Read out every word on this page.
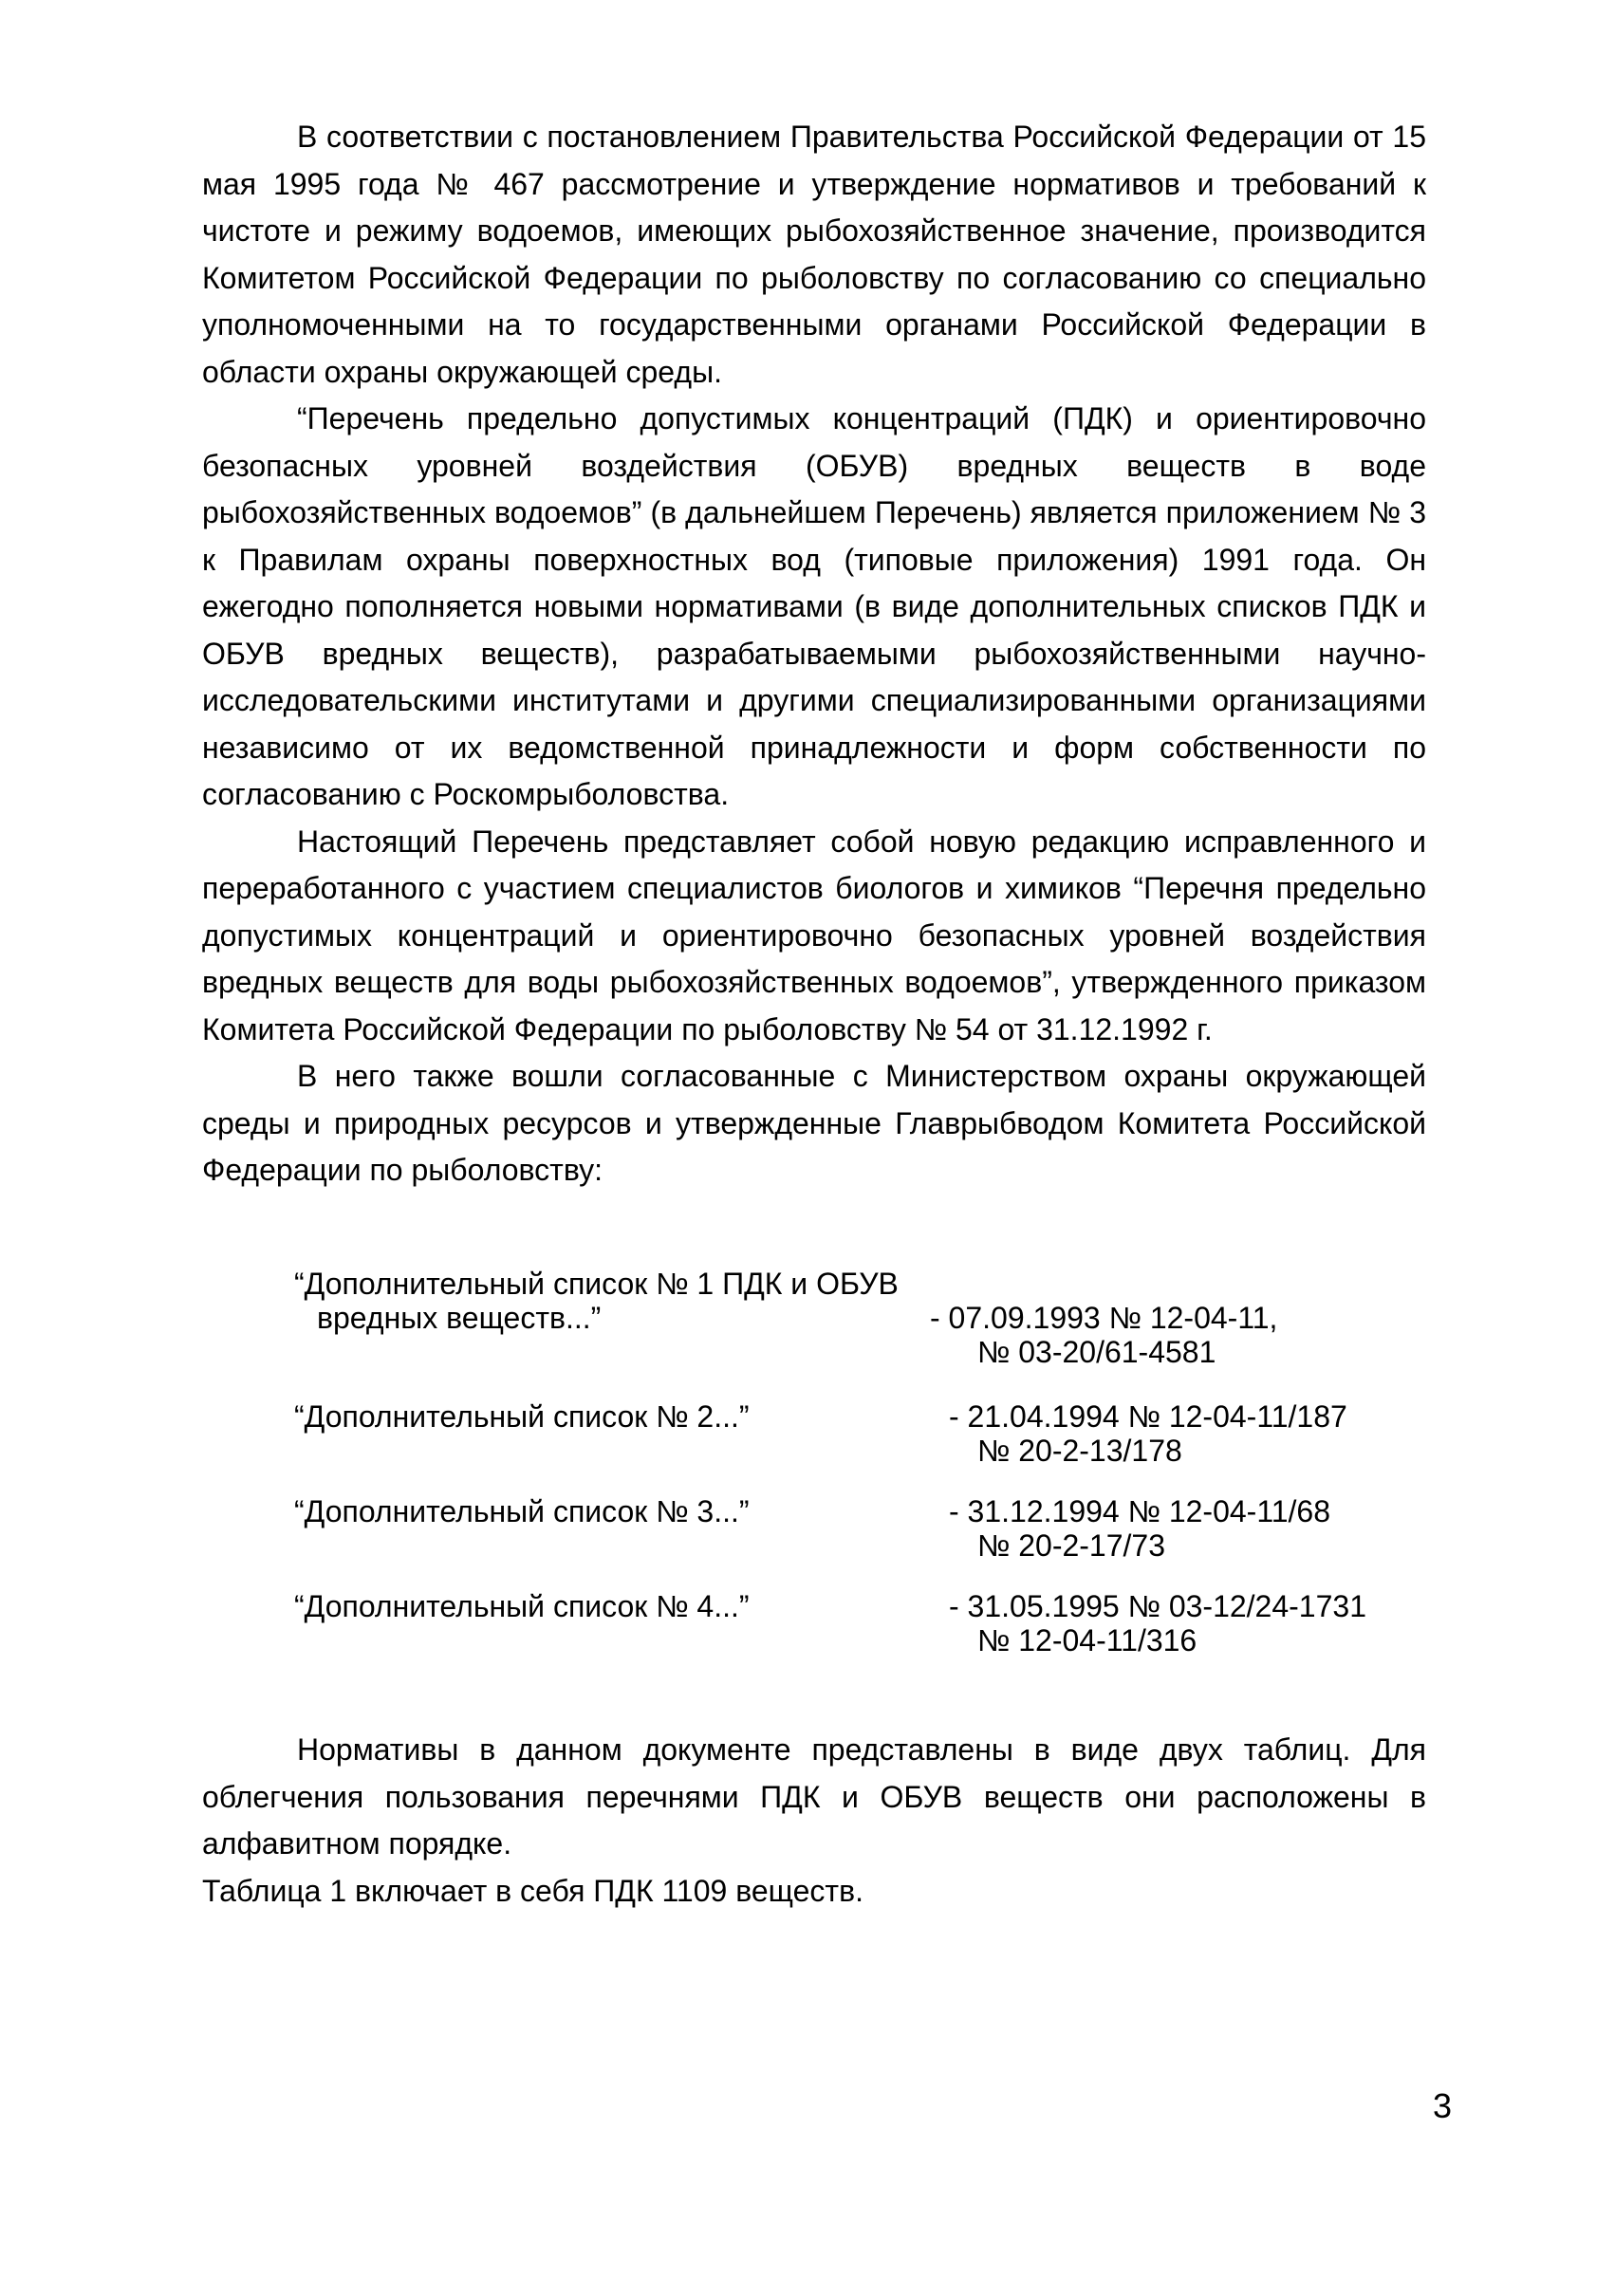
В соответствии с постановлением Правительства Российской Федерации от 15 мая 1995 года № 467 рассмотрение и утверждение нормативов и требований к чистоте и режиму водоемов, имеющих рыбохозяйственное значение, производится Комитетом Российской Федерации по рыболовству по согласованию со специально уполномоченными на то государственными органами Российской Федерации в области охраны окружающей среды.

“Перечень предельно допустимых концентраций (ПДК) и ориентировочно безопасных уровней воздействия (ОБУВ) вредных веществ в воде рыбохозяйственных водоемов” (в дальнейшем Перечень) является приложением № 3 к Правилам охраны поверхностных вод (типовые приложения) 1991 года. Он ежегодно пополняется новыми нормативами (в виде дополнительных списков ПДК и ОБУВ вредных веществ), разрабатываемыми рыбохозяйственными научно-исследовательскими институтами и другими специализированными организациями независимо от их ведомственной принадлежности и форм собственности по согласованию с Роскомрыболовства.

Настоящий Перечень представляет собой новую редакцию исправленного и переработанного с участием специалистов биологов и химиков “Перечня предельно допустимых концентраций и ориентировочно безопасных уровней воздействия вредных веществ для воды рыбохозяйственных водоемов”, утвержденного приказом Комитета Российской Федерации по рыболовству № 54 от 31.12.1992 г.

В него также вошли согласованные с Министерством охраны окружающей среды и природных ресурсов и утвержденные Главрыбводом Комитета Российской Федерации по рыболовству:

“Дополнительный список № 1 ПДК и ОБУВ
вредных веществ...”	- 07.09.1993 № 12-04-11,
№ 03-20/61-4581
“Дополнительный список № 2...”	- 21.04.1994 № 12-04-11/187
№ 20-2-13/178
“Дополнительный список № 3...”	- 31.12.1994 № 12-04-11/68
№ 20-2-17/73
“Дополнительный список № 4...”	- 31.05.1995 № 03-12/24-1731
№ 12-04-11/316

Нормативы в данном документе представлены в виде двух таблиц. Для облегчения пользования перечнями ПДК и ОБУВ веществ они расположены в алфавитном порядке.

Таблица 1 включает в себя ПДК 1109 веществ.

3
